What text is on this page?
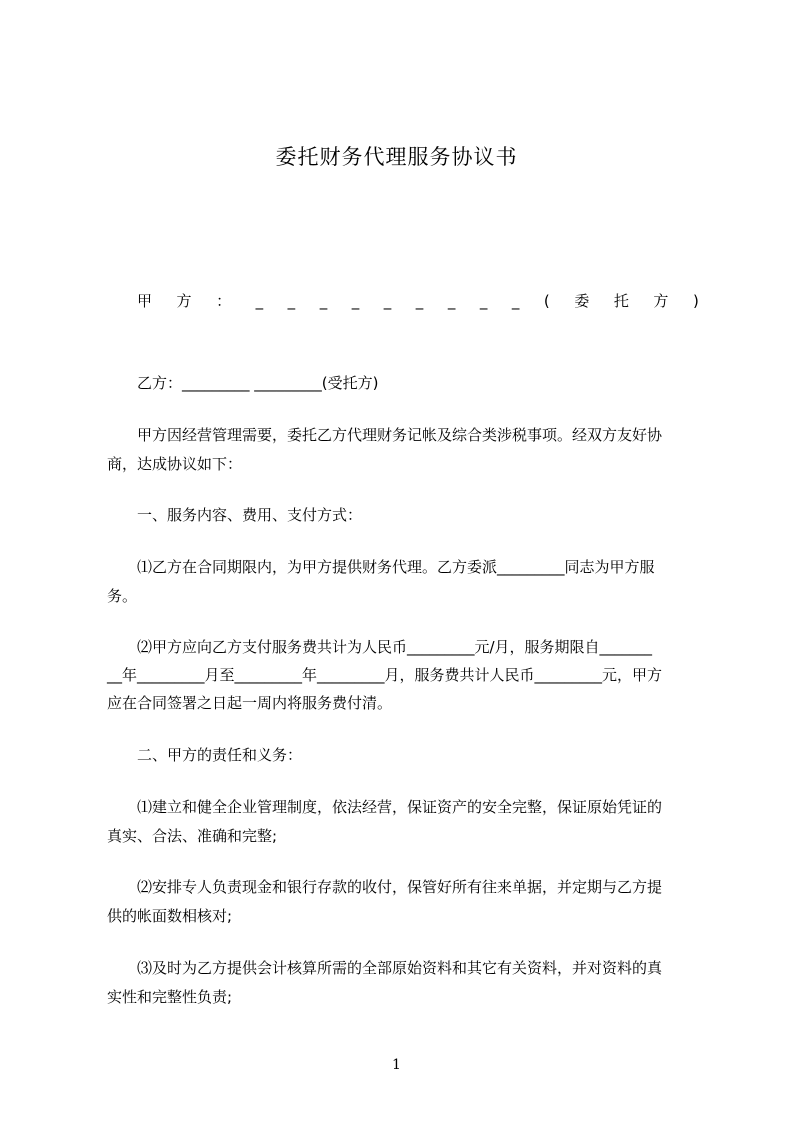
委托财务代理服务协议书
甲 方 ： _ _ _ _ _ _ _ _ _ ( 委 托 方 )
乙方：_________ _________(受托方)
甲方因经营管理需要，委托乙方代理财务记帐及综合类涉税事项。经双方友好协
商，达成协议如下：
一、服务内容、费用、支付方式：
⑴乙方在合同期限内，为甲方提供财务代理。乙方委派_________同志为甲方服
务。
⑵甲方应向乙方支付服务费共计为人民币_________元/月，服务期限自_______
__年_________月至_________年_________月，服务费共计人民币_________元，甲方
应在合同签署之日起一周内将服务费付清。
二、甲方的责任和义务：
⑴建立和健全企业管理制度，依法经营，保证资产的安全完整，保证原始凭证的
真实、合法、准确和完整;
⑵安排专人负责现金和银行存款的收付，保管好所有往来单据，并定期与乙方提
供的帐面数相核对;
⑶及时为乙方提供会计核算所需的全部原始资料和其它有关资料，并对资料的真
实性和完整性负责;
1
